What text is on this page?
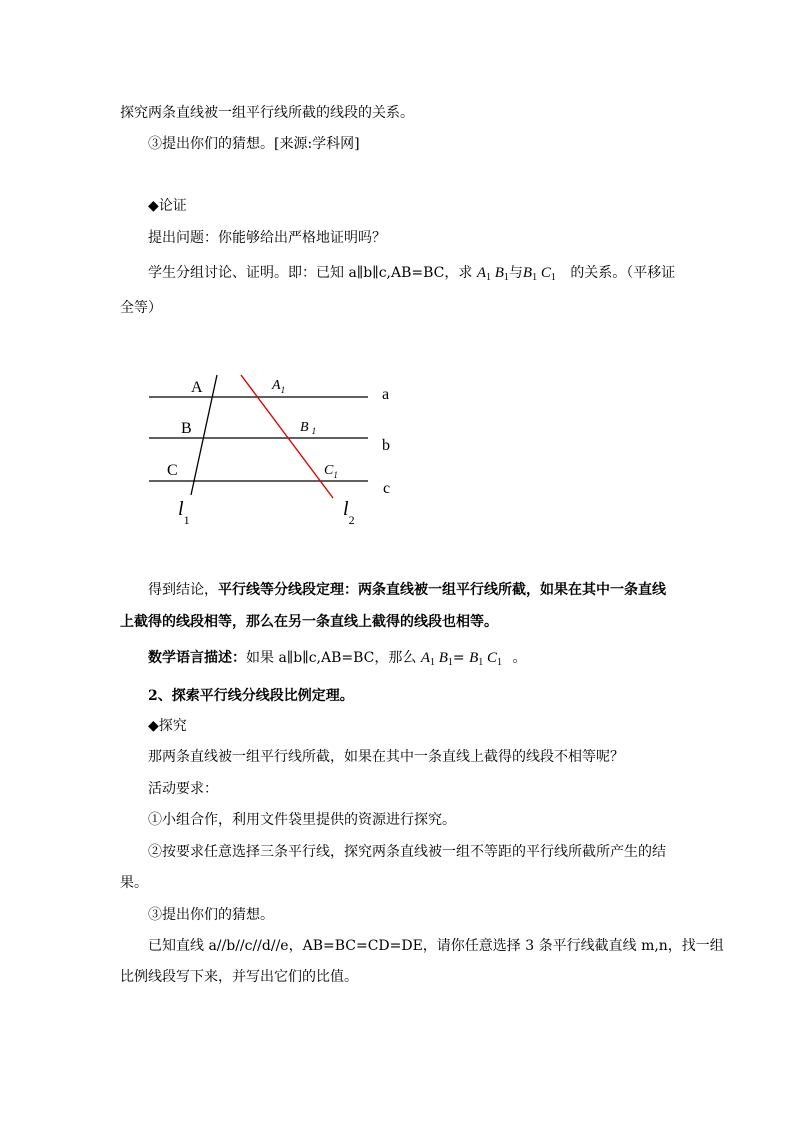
探究两条直线被一组平行线所截的线段的关系。
③提出你们的猜想。[来源:学科网]
◆论证
提出问题：你能够给出严格地证明吗？
学生分组讨论、证明。即：已知 a∥b∥c,AB=BC，求 $A_1$ $B_1$与$B_1$ $C_1$ 的关系。（平移证
全等）
A
B
C
$A_1$
B $_1$
$C_1$
a
b
c
$l_1$	$l_2$
得到结论，平行线等分线段定理：两条直线被一组平行线所截，如果在其中一条直线
上截得的线段相等，那么在另一条直线上截得的线段也相等。
数学语言描述：如果 a∥b∥c,AB=BC，那么 $A_1$ $B_1= B_1$ $C_1$ 。
2、探索平行线分线段比例定理。
◆探究
那两条直线被一组平行线所截，如果在其中一条直线上截得的线段不相等呢？
活动要求：
①小组合作，利用文件袋里提供的资源进行探究。
②按要求任意选择三条平行线，探究两条直线被一组不等距的平行线所截所产生的结
果。
③提出你们的猜想。
已知直线 a//b//c//d//e，AB=BC=CD=DE，请你任意选择 3 条平行线截直线 m,n，找一组
比例线段写下来，并写出它们的比值。
